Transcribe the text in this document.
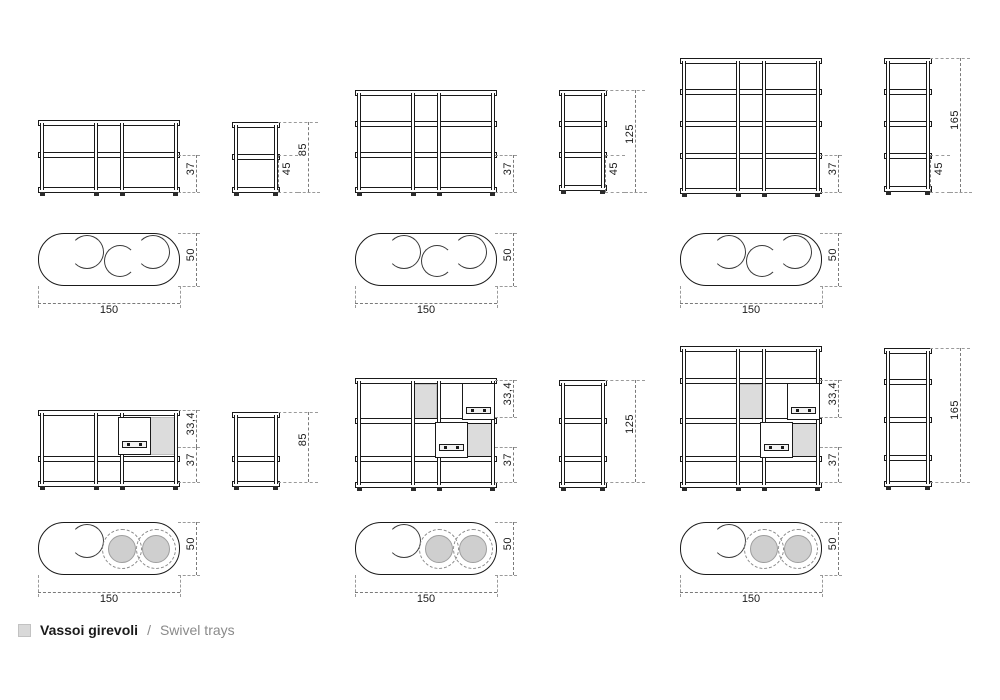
37	45
85
37	45
125
37	45
165
50
150
50
150
50
150
33,4
37
85
33,4
37
125
33,4
37
165
50
150
50
150
50
150
Vassoi girevoli / Swivel trays
